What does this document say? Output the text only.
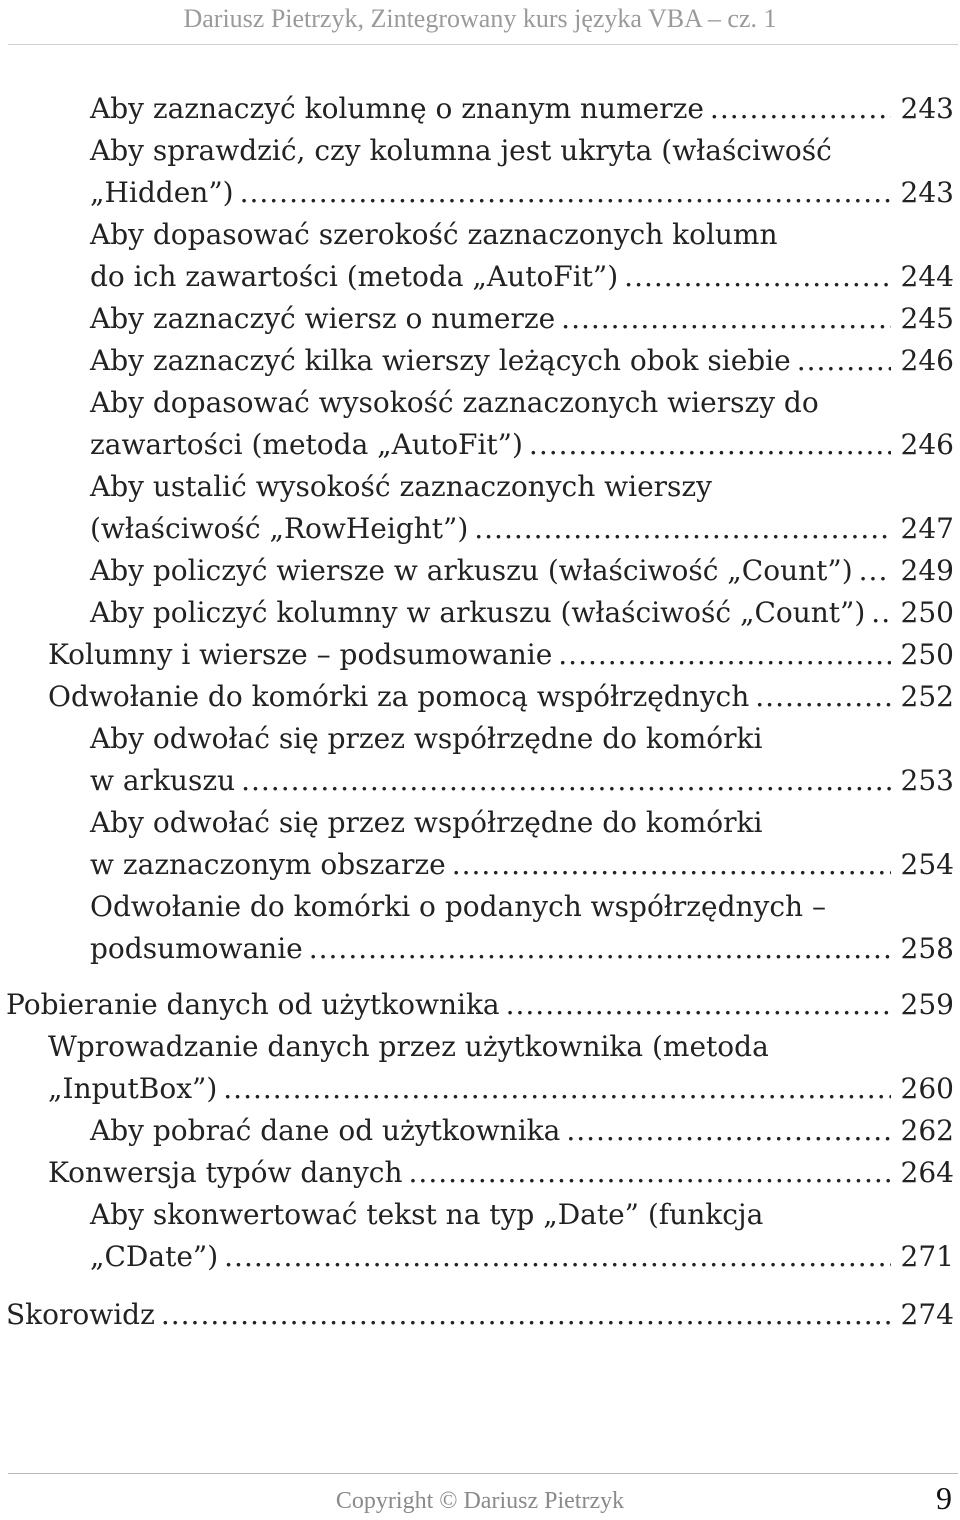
Dariusz Pietrzyk, Zintegrowany kurs języka VBA – cz. 1
Aby zaznaczyć kolumnę o znanym numerze .....	243
Aby sprawdzić, czy kolumna jest ukryta (właściwość
„Hidden”) .....	243
Aby dopasować szerokość zaznaczonych kolumn
do ich zawartości (metoda „AutoFit”) .....	244
Aby zaznaczyć wiersz o numerze .....	245
Aby zaznaczyć kilka wierszy leżących obok siebie .....	246
Aby dopasować wysokość zaznaczonych wierszy do
zawartości (metoda „AutoFit”) .....	246
Aby ustalić wysokość zaznaczonych wierszy
(właściwość „RowHeight”) .....	247
Aby policzyć wiersze w arkuszu (właściwość „Count”) ..... 249
Aby policzyć kolumny w arkuszu (właściwość „Count”) ..... 250
Kolumny i wiersze – podsumowanie .....	250
Odwołanie do komórki za pomocą współrzędnych .....	252
Aby odwołać się przez współrzędne do komórki
w arkuszu .....	253
Aby odwołać się przez współrzędne do komórki
w zaznaczonym obszarze .....	254
Odwołanie do komórki o podanych współrzędnych –
podsumowanie .....	258
Pobieranie danych od użytkownika .....	259
Wprowadzanie danych przez użytkownika (metoda
„InputBox”) .....	260
Aby pobrać dane od użytkownika .....	262
Konwersja typów danych .....	264
Aby skonwertować tekst na typ „Date” (funkcja
„CDate”) .....	271
Skorowidz .....	274
Copyright © Dariusz Pietrzyk	9
